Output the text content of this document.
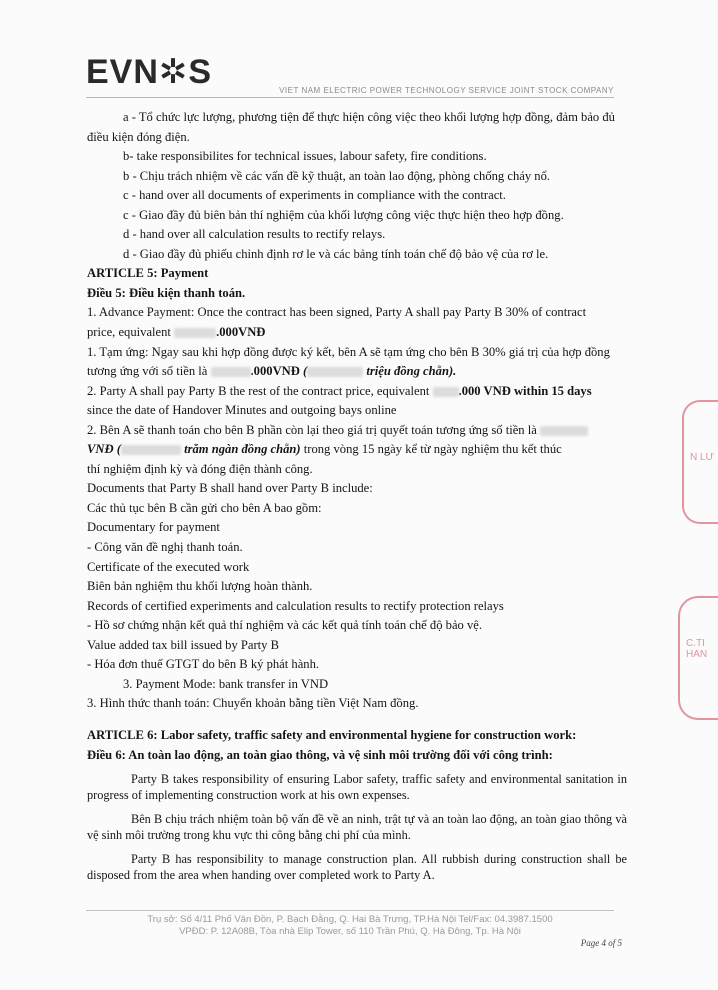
EVN✲S	VIET NAM ELECTRIC POWER TECHNOLOGY SERVICE JOINT STOCK COMPANY
a - Tổ chức lực lượng, phương tiện để thực hiện công việc theo khối lượng hợp đồng, đảm bảo đủ
điều kiện đóng điện.
b- take responsibilites for technical issues, labour safety, fire conditions.
b - Chịu trách nhiệm về các vấn đề kỹ thuật, an toàn lao động, phòng chống cháy nổ.
c - hand over all documents of experiments in compliance with the contract.
c - Giao đầy đủ biên bản thí nghiệm của khối lượng công việc thực hiện theo hợp đồng.
d - hand over all calculation results to rectify relays.
d - Giao đầy đủ phiếu chỉnh định rơ le và các bảng tính toán chế độ bảo vệ của rơ le.
ARTICLE 5: Payment
Điều 5: Điều kiện thanh toán.
1. Advance Payment: Once the contract has been signed, Party A shall pay Party B 30% of contract
price, equivalent	.000VNĐ
1. Tạm ứng: Ngay sau khi hợp đồng được ký kết, bên A sẽ tạm ứng cho bên B 30% giá trị của hợp đồng
tương ứng với số tiền là	.000VNĐ (	triệu đồng chẵn).
2. Party A shall pay Party B the rest of the contract price, equivalent .000 VNĐ within 15 days
since the date of Handover Minutes and outgoing bays online
2. Bên A sẽ thanh toán cho bên B phần còn lại theo giá trị quyết toán tương ứng số tiền là
VNĐ (	trăm ngàn đồng chẵn) trong vòng 15 ngày kể từ ngày nghiệm thu kết thúc
thí nghiệm định kỳ và đóng điện thành công.
Documents that Party B shall hand over Party B include:
Các thủ tục bên B cần gửi cho bên A bao gồm:
Documentary for payment
- Công văn đề nghị thanh toán.
Certificate of the executed work
Biên bản nghiệm thu khối lượng hoàn thành.
Records of certified experiments and calculation results to rectify protection relays
- Hồ sơ chứng nhận kết quả thí nghiệm và các kết quả tính toán chế độ bảo vệ.
Value added tax bill issued by Party B
- Hóa đơn thuế GTGT do bên B ký phát hành.
3. Payment Mode: bank transfer in VND
3. Hình thức thanh toán: Chuyển khoản bằng tiền Việt Nam đồng.
ARTICLE 6: Labor safety, traffic safety and environmental hygiene for construction work:
Điều 6: An toàn lao động, an toàn giao thông, và vệ sinh môi trường đối với công trình:
Party B takes responsibility of ensuring Labor safety, traffic safety and environmental sanitation in progress of implementing construction work at his own expenses.
Bên B chịu trách nhiệm toàn bộ vấn đề về an ninh, trật tự và an toàn lao động, an toàn giao thông và vệ sinh môi trường trong khu vực thi công bằng chi phí của mình.
Party B has responsibility to manage construction plan. All rubbish during construction shall be disposed from the area when handing over completed work to Party A.
N LƯ
C.TI HAN
Trụ sở: Số 4/11 Phố Vân Đồn, P. Bạch Đằng, Q. Hai Bà Trưng, TP.Hà Nội Tel/Fax: 04.3987.1500
VPĐD: P. 12A08B, Tòa nhà Elip Tower, số 110 Trần Phú, Q. Hà Đông, Tp. Hà Nội
Page 4 of 5
